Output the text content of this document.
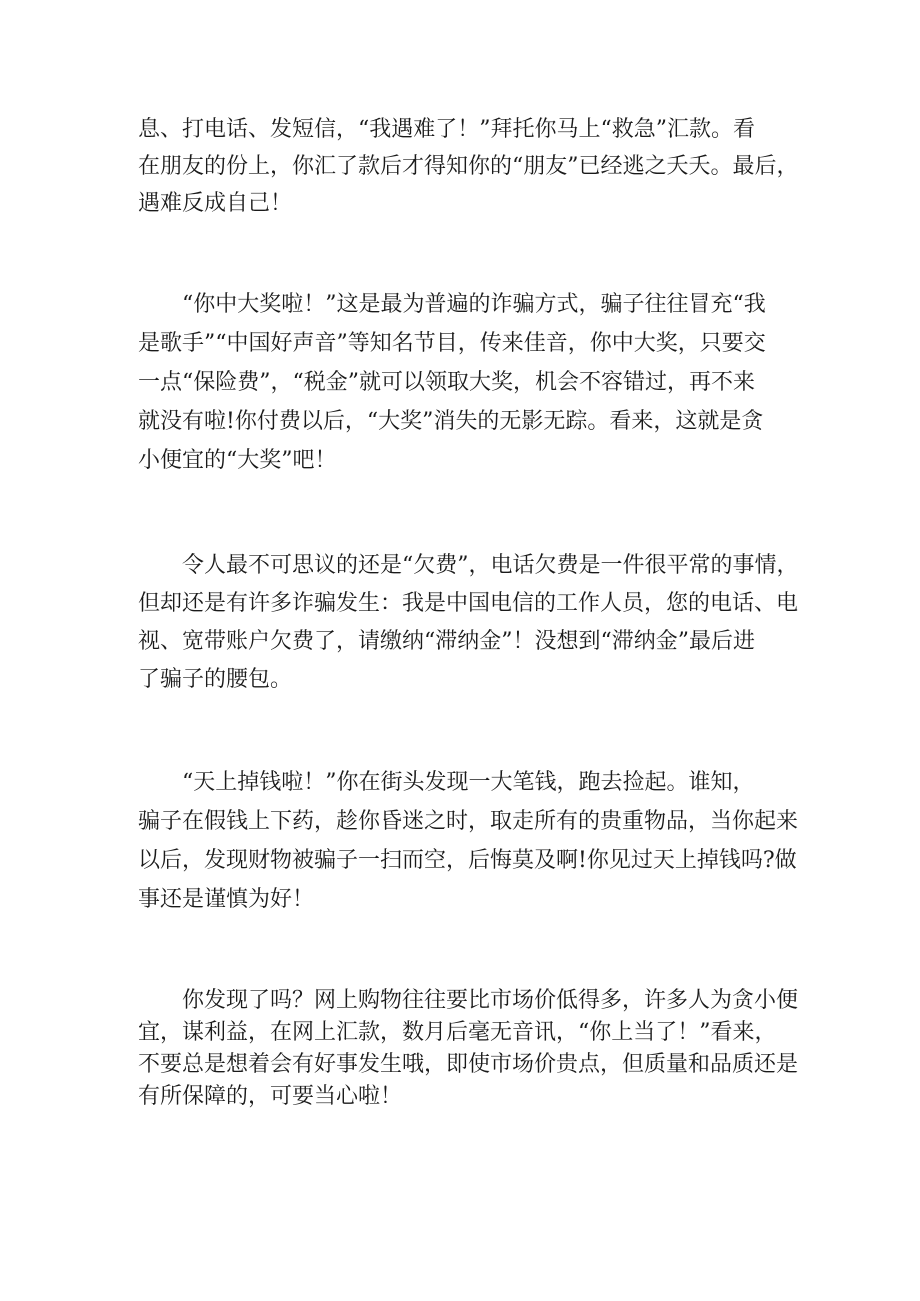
息、打电话、发短信，“我遇难了！”拜托你马上“救急”汇款。看
在朋友的份上，你汇了款后才得知你的“朋友”已经逃之夭夭。最后，
遇难反成自己！

　　“你中大奖啦！”这是最为普遍的诈骗方式，骗子往往冒充“我
是歌手”“中国好声音”等知名节目，传来佳音，你中大奖，只要交
一点“保险费”，“税金”就可以领取大奖，机会不容错过，再不来
就没有啦!你付费以后，“大奖”消失的无影无踪。看来，这就是贪
小便宜的“大奖”吧！

　　令人最不可思议的还是“欠费”，电话欠费是一件很平常的事情，
但却还是有许多诈骗发生：我是中国电信的工作人员，您的电话、电
视、宽带账户欠费了，请缴纳“滞纳金”！没想到“滞纳金”最后进
了骗子的腰包。

　　“天上掉钱啦！”你在街头发现一大笔钱，跑去捡起。谁知，
骗子在假钱上下药，趁你昏迷之时，取走所有的贵重物品，当你起来
以后，发现财物被骗子一扫而空，后悔莫及啊!你见过天上掉钱吗?做
事还是谨慎为好！

　　你发现了吗？网上购物往往要比市场价低得多，许多人为贪小便
宜，谋利益，在网上汇款，数月后毫无音讯，“你上当了！”看来，
不要总是想着会有好事发生哦，即使市场价贵点，但质量和品质还是
有所保障的，可要当心啦！
